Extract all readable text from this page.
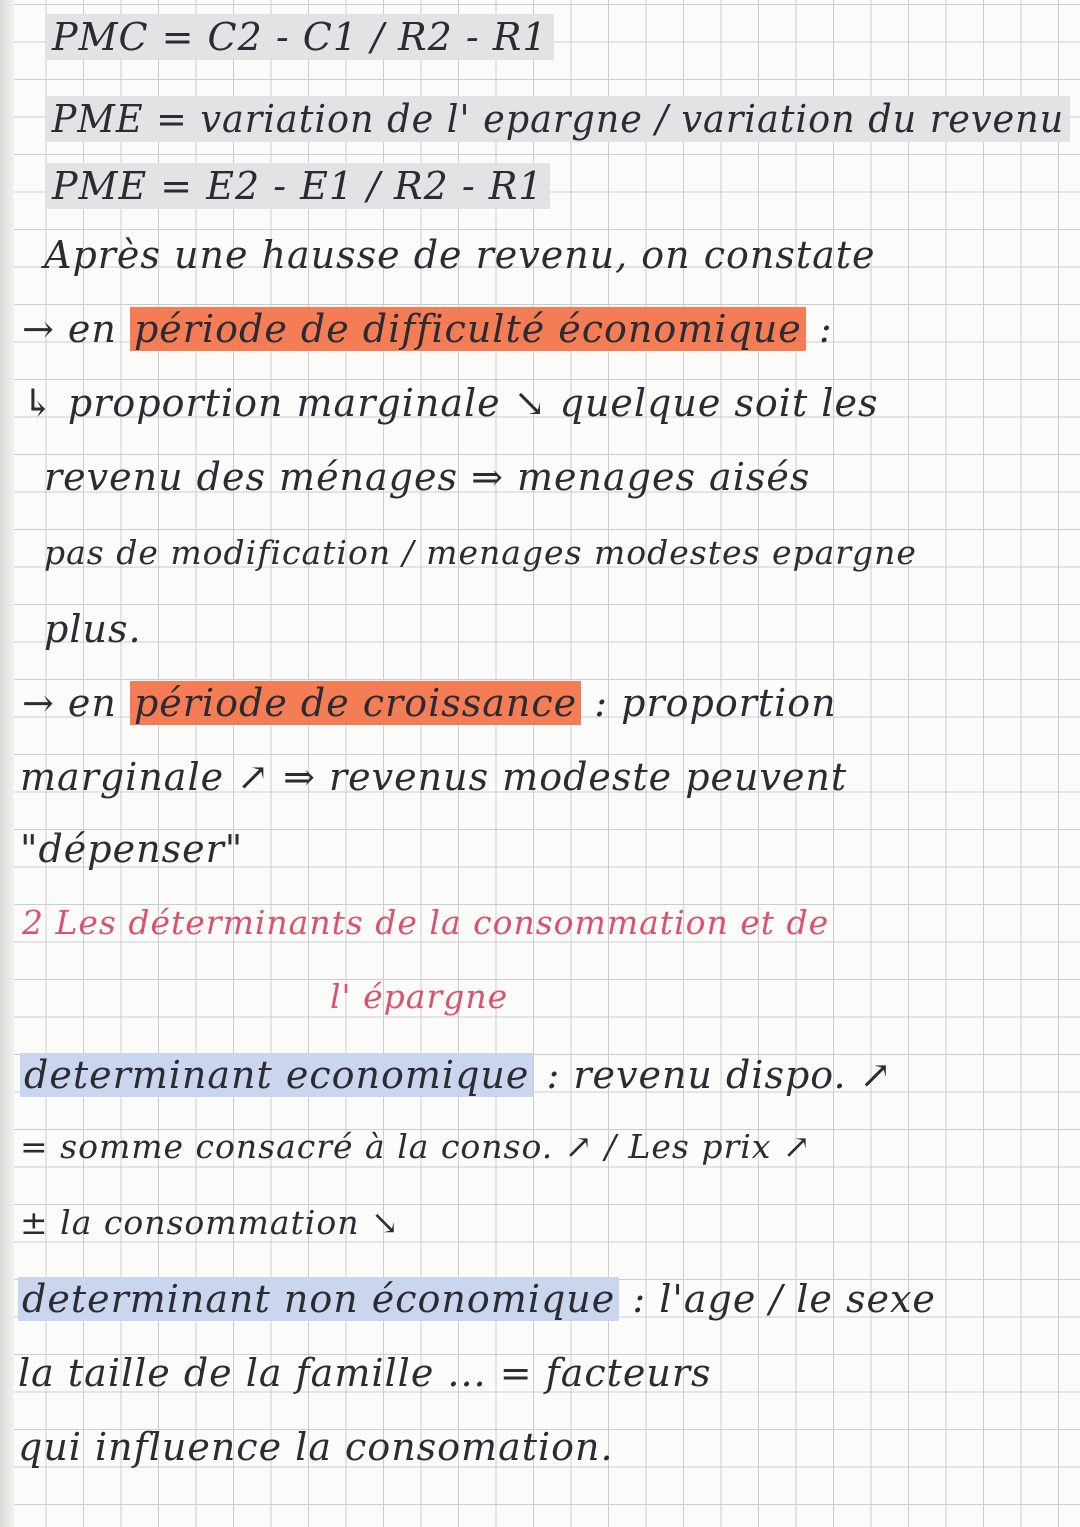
PMC = C2 - C1 / R2 - R1
PME = variation de l' epargne / variation du revenu
PME = E2 - E1 / R2 - R1
Après une hausse de revenu, on constate
→ en période de difficulté économique :
↳ proportion marginale ↘ quelque soit les
revenu des ménages ⇒ menages aisés
pas de modification / menages modestes epargne
plus.
→ en période de croissance : proportion
marginale ↗ ⇒ revenus modeste peuvent
"dépenser"
2 Les déterminants de la consommation et de
l' épargne
determinant economique : revenu dispo. ↗
= somme consacré à la conso. ↗ / Les prix ↗
± la consommation ↘
determinant non économique : l'age / le sexe
la taille de la famille ... = facteurs
qui influence la consomation.
